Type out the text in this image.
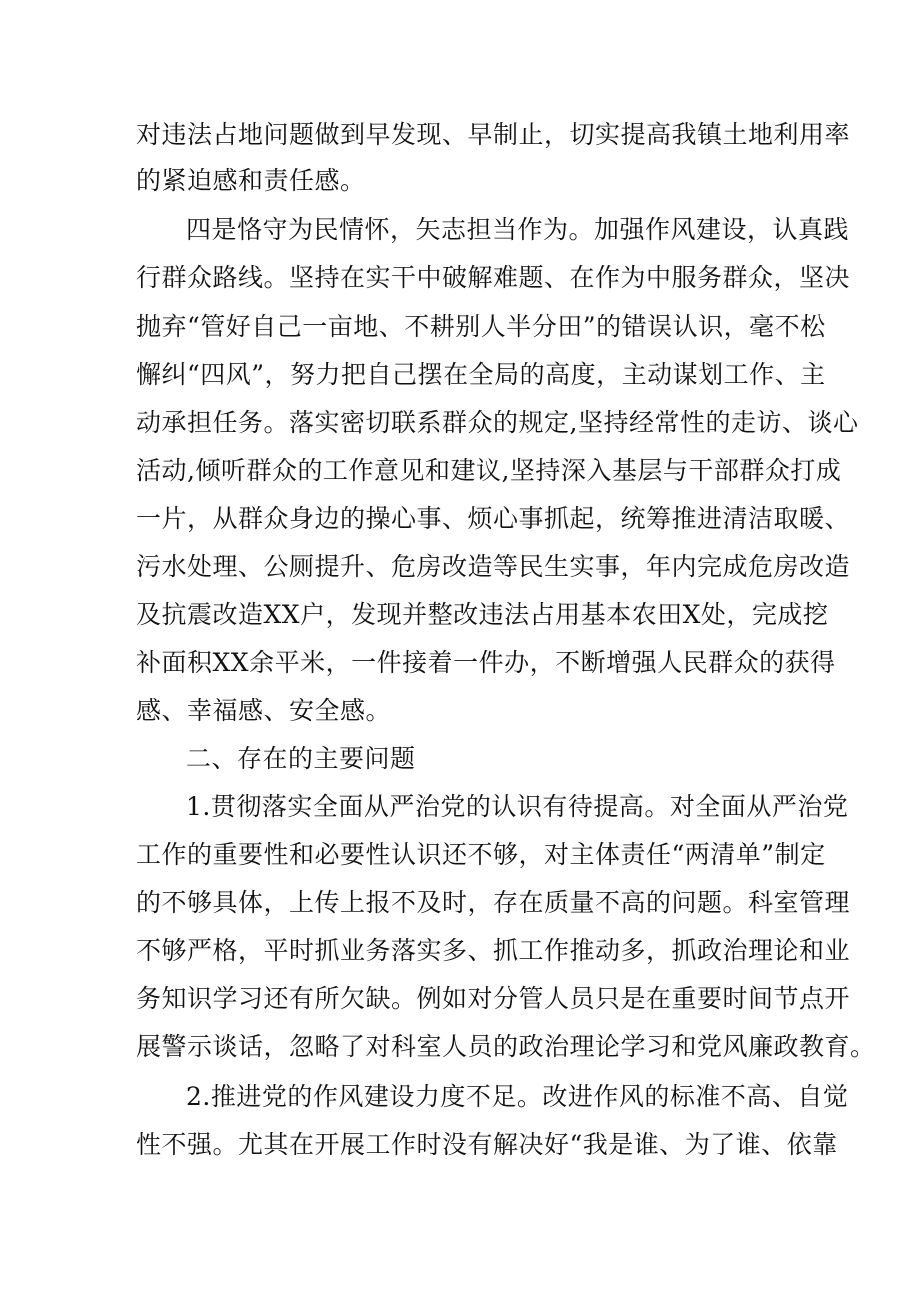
对违法占地问题做到早发现、早制止，切实提高我镇土地利用率
的紧迫感和责任感。
四是恪守为民情怀，矢志担当作为。加强作风建设，认真践
行群众路线。坚持在实干中破解难题、在作为中服务群众，坚决
抛弃“管好自己一亩地、不耕别人半分田”的错误认识，毫不松
懈纠“四风”，努力把自己摆在全局的高度，主动谋划工作、主
动承担任务。落实密切联系群众的规定,坚持经常性的走访、谈心
活动,倾听群众的工作意见和建议,坚持深入基层与干部群众打成
一片，从群众身边的操心事、烦心事抓起，统筹推进清洁取暖、
污水处理、公厕提升、危房改造等民生实事，年内完成危房改造
及抗震改造XX户，发现并整改违法占用基本农田X处，完成挖
补面积XX余平米，一件接着一件办，不断增强人民群众的获得
感、幸福感、安全感。
二、存在的主要问题
1.贯彻落实全面从严治党的认识有待提高。对全面从严治党
工作的重要性和必要性认识还不够，对主体责任“两清单”制定
的不够具体，上传上报不及时，存在质量不高的问题。科室管理
不够严格，平时抓业务落实多、抓工作推动多，抓政治理论和业
务知识学习还有所欠缺。例如对分管人员只是在重要时间节点开
展警示谈话，忽略了对科室人员的政治理论学习和党风廉政教育。
2.推进党的作风建设力度不足。改进作风的标准不高、自觉
性不强。尤其在开展工作时没有解决好“我是谁、为了谁、依靠
